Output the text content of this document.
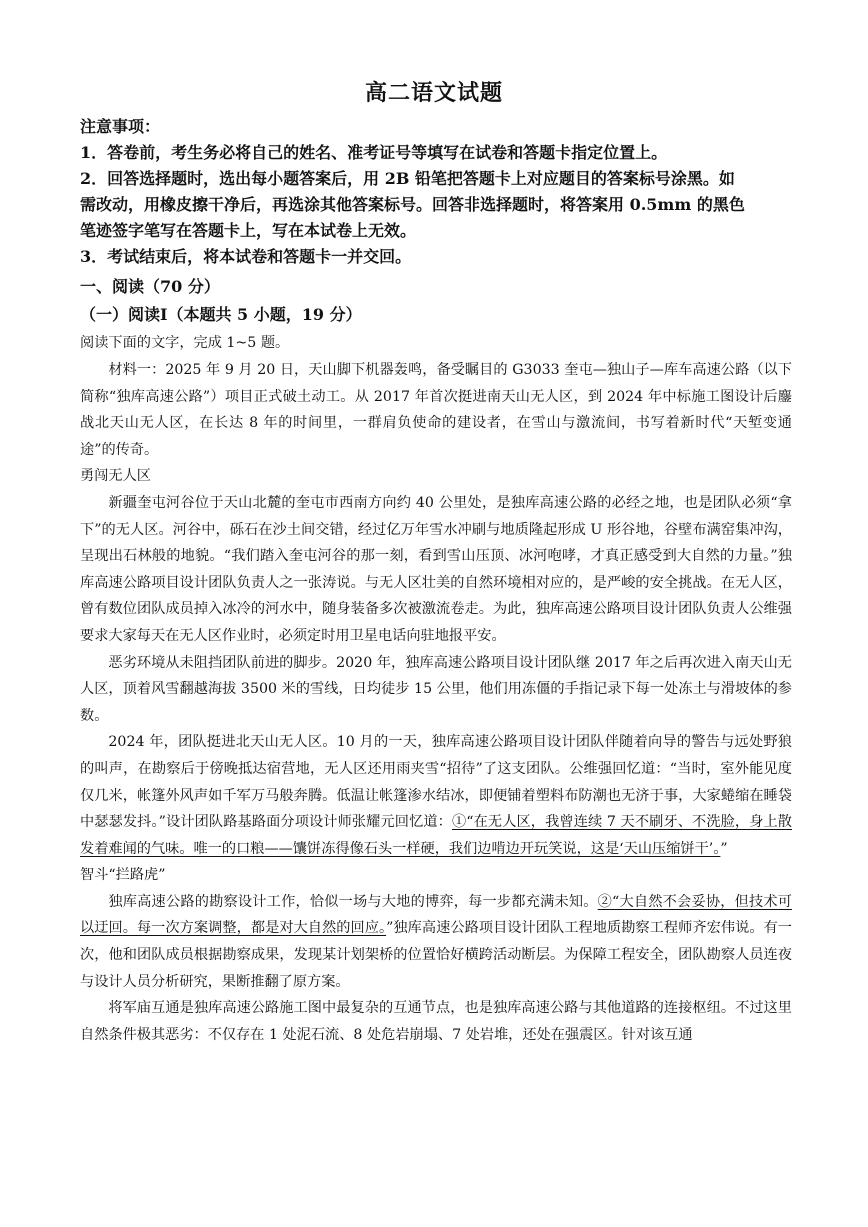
高二语文试题
注意事项：
1．答卷前，考生务必将自己的姓名、准考证号等填写在试卷和答题卡指定位置上。
2．回答选择题时，选出每小题答案后，用 2B 铅笔把答题卡上对应题目的答案标号涂黑。如
需改动，用橡皮擦干净后，再选涂其他答案标号。回答非选择题时，将答案用 0.5mm 的黑色
笔迹签字笔写在答题卡上，写在本试卷上无效。
3．考试结束后，将本试卷和答题卡一并交回。
一、阅读（70 分）
（一）阅读Ⅰ（本题共 5 小题，19 分）
阅读下面的文字，完成 1~5 题。

材料一：2025 年 9 月 20 日，天山脚下机器轰鸣，备受瞩目的 G3033 奎屯—独山子—库车高速公路（以下简称“独库高速公路”）项目正式破土动工。从 2017 年首次挺进南天山无人区，到 2024 年中标施工图设计后鏖战北天山无人区，在长达 8 年的时间里，一群肩负使命的建设者，在雪山与激流间，书写着新时代“天堑变通途”的传奇。

勇闯无人区

新疆奎屯河谷位于天山北麓的奎屯市西南方向约 40 公里处，是独库高速公路的必经之地，也是团队必须“拿下”的无人区。河谷中，砾石在沙土间交错，经过亿万年雪水冲刷与地质隆起形成 U 形谷地，谷壁布满窑集冲沟，呈现出石林般的地貌。“我们踏入奎屯河谷的那一刻，看到雪山压顶、冰河咆哮，才真正感受到大自然的力量。”独库高速公路项目设计团队负责人之一张涛说。与无人区壮美的自然环境相对应的，是严峻的安全挑战。在无人区，曾有数位团队成员掉入冰冷的河水中，随身装备多次被激流卷走。为此，独库高速公路项目设计团队负责人公维强要求大家每天在无人区作业时，必须定时用卫星电话向驻地报平安。

恶劣环境从未阻挡团队前进的脚步。2020 年，独库高速公路项目设计团队继 2017 年之后再次进入南天山无人区，顶着风雪翻越海拔 3500 米的雪线，日均徒步 15 公里，他们用冻僵的手指记录下每一处冻土与滑坡体的参数。

2024 年，团队挺进北天山无人区。10 月的一天，独库高速公路项目设计团队伴随着向导的警告与远处野狼的叫声，在勘察后于傍晚抵达宿营地，无人区还用雨夹雪“招待”了这支团队。公维强回忆道：“当时，室外能见度仅几米，帐篷外风声如千军万马般奔腾。低温让帐篷渗水结冰，即便铺着塑料布防潮也无济于事，大家蜷缩在睡袋中瑟瑟发抖。”设计团队路基路面分项设计师张耀元回忆道：①“在无人区，我曾连续 7 天不刷牙、不洗脸，身上散发着难闻的气味。唯一的口粮——馕饼冻得像石头一样硬，我们边啃边开玩笑说，这是‘天山压缩饼干’。”

智斗“拦路虎”

独库高速公路的勘察设计工作，恰似一场与大地的博弈，每一步都充满未知。②“大自然不会妥协，但技术可以迂回。每一次方案调整，都是对大自然的回应。”独库高速公路项目设计团队工程地质勘察工程师齐宏伟说。有一次，他和团队成员根据勘察成果，发现某计划架桥的位置恰好横跨活动断层。为保障工程安全，团队勘察人员连夜与设计人员分析研究，果断推翻了原方案。

将军庙互通是独库高速公路施工图中最复杂的互通节点，也是独库高速公路与其他道路的连接枢纽。不过这里自然条件极其恶劣：不仅存在 1 处泥石流、8 处危岩崩塌、7 处岩堆，还处在强震区。针对该互通
